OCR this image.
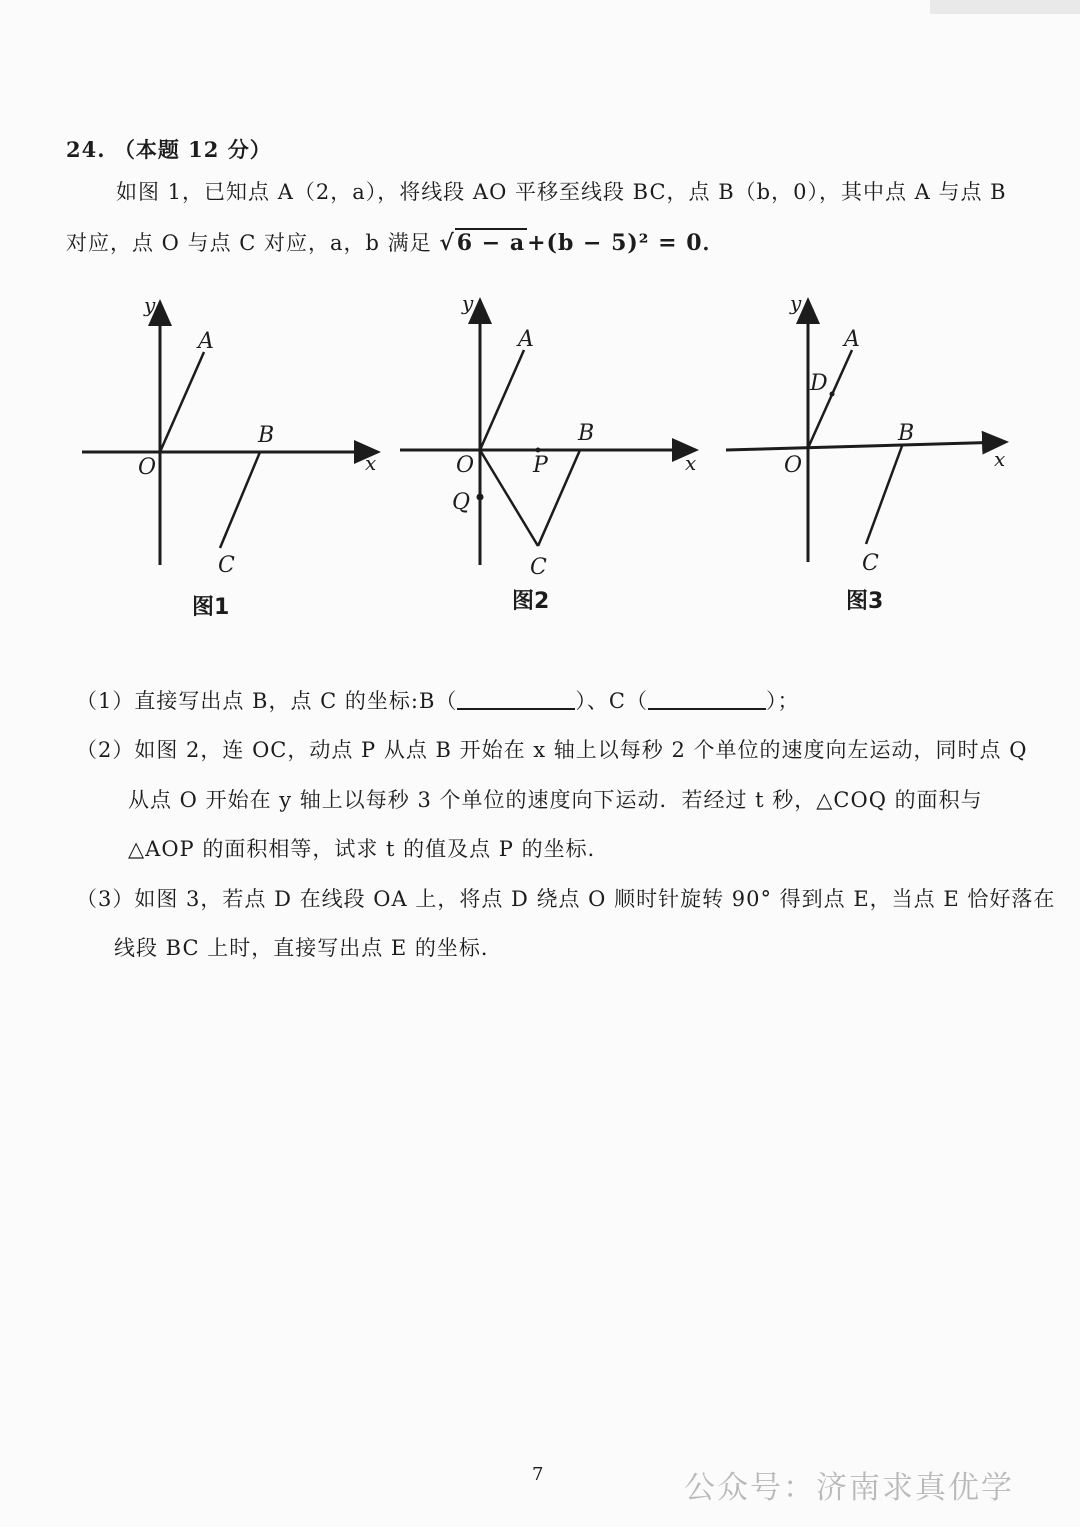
24. （本题 12 分）
如图 1，已知点 A（2，a），将线段 AO 平移至线段 BC，点 B（b，0），其中点 A 与点 B
对应，点 O 与点 C 对应，a，b 满足 √6 − a+(b − 5)² = 0．
y
x
O
A
B
C
图1
y
x
O
A
B
P
Q
C
图2
y
x
O
A
D
B
C
图3
（1）直接写出点 B，点 C 的坐标:B（	）、C（	）；
（2）如图 2，连 OC，动点 P 从点 B 开始在 x 轴上以每秒 2 个单位的速度向左运动，同时点 Q
从点 O 开始在 y 轴上以每秒 3 个单位的速度向下运动．若经过 t 秒，△COQ 的面积与
△AOP 的面积相等，试求 t 的值及点 P 的坐标．
（3）如图 3，若点 D 在线段 OA 上，将点 D 绕点 O 顺时针旋转 90° 得到点 E，当点 E 恰好落在
线段 BC 上时，直接写出点 E 的坐标．
7	公众号：济南求真优学
